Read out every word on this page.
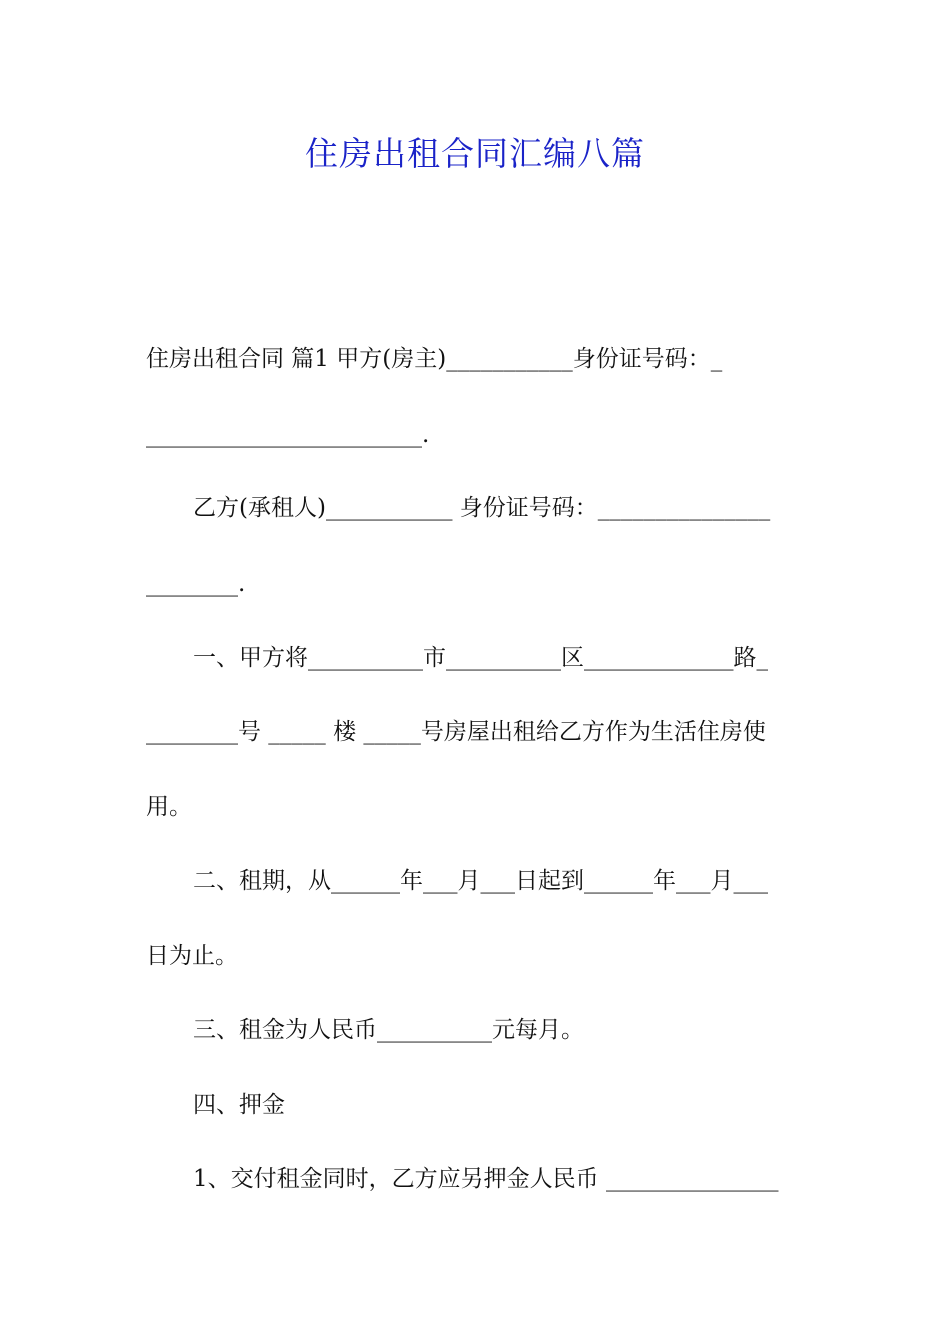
住房出租合同汇编八篇
住房出租合同 篇1 甲方(房主)___________身份证号码：_
________________________.
乙方(承租人)___________ 身份证号码：_______________
________.
一、甲方将__________市__________区_____________路_
________号 _____ 楼 _____号房屋出租给乙方作为生活住房使
用。
二、租期，从______年___月___日起到______年___月___
日为止。
三、租金为人民币__________元每月。
四、押金
1、交付租金同时，乙方应另押金人民币 _______________
